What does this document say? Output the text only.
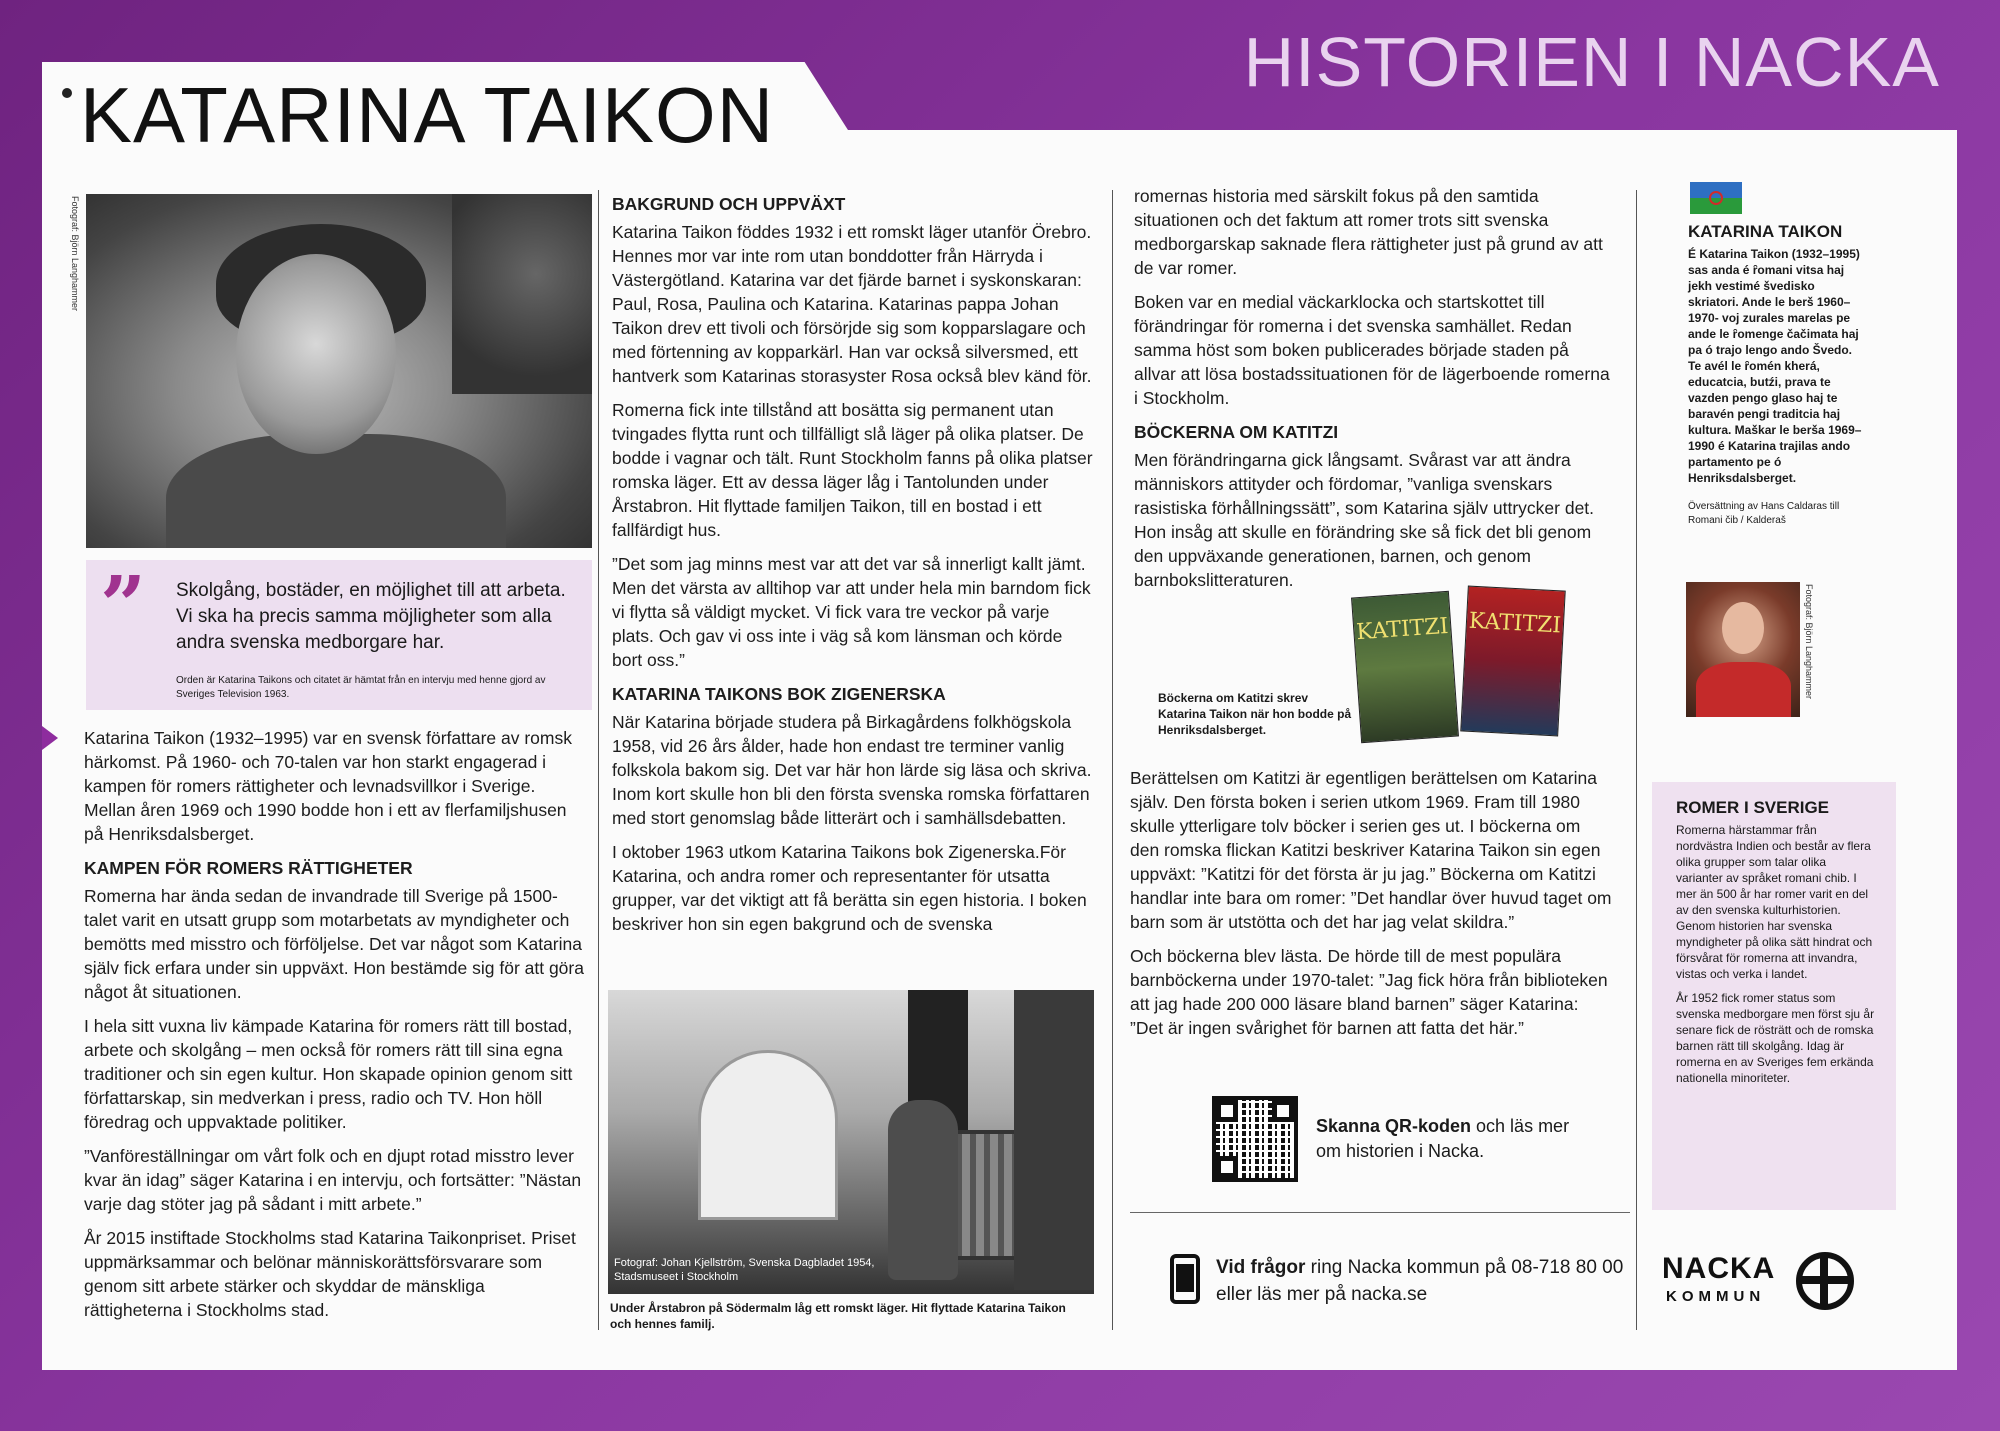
HISTORIEN I NACKA
KATARINA TAIKON
Fotograf: Björn Langhammer
” Skolgång, bostäder, en möjlighet till att arbeta. Vi ska ha precis samma möjligheter som alla andra svenska medborgare har.
Orden är Katarina Taikons och citatet är hämtat från en intervju med henne gjord av Sveriges Television 1963.

Katarina Taikon (1932–1995) var en svensk författare av romsk härkomst. På 1960- och 70-talen var hon starkt engagerad i kampen för romers rättigheter och levnadsvillkor i Sverige. Mellan åren 1969 och 1990 bodde hon i ett av flerfamiljshusen på Henriksdalsberget.

KAMPEN FÖR ROMERS RÄTTIGHETER

Romerna har ända sedan de invandrade till Sverige på 1500-talet varit en utsatt grupp som motarbetats av myndigheter och bemötts med misstro och förföljelse. Det var något som Katarina själv fick erfara under sin uppväxt. Hon bestämde sig för att göra något åt situationen.

I hela sitt vuxna liv kämpade Katarina för romers rätt till bostad, arbete och skolgång – men också för romers rätt till sina egna traditioner och sin egen kultur. Hon skapade opinion genom sitt författarskap, sin medverkan i press, radio och TV. Hon höll föredrag och uppvaktade politiker.

”Vanföreställningar om vårt folk och en djupt rotad misstro lever kvar än idag” säger Katarina i en intervju, och fortsätter: ”Nästan varje dag stöter jag på sådant i mitt arbete.”

År 2015 instiftade Stockholms stad Katarina Taikonpriset. Priset uppmärksammar och belönar människorättsförsvarare som genom sitt arbete stärker och skyddar de mänskliga rättigheterna i Stockholms stad.

BAKGRUND OCH UPPVÄXT

Katarina Taikon föddes 1932 i ett romskt läger utanför Örebro. Hennes mor var inte rom utan bonddotter från Härryda i Västergötland. Katarina var det fjärde barnet i syskonskaran: Paul, Rosa, Paulina och Katarina. Katarinas pappa Johan Taikon drev ett tivoli och försörjde sig som kopparslagare och med förtenning av kopparkärl. Han var också silversmed, ett hantverk som Katarinas storasyster Rosa också blev känd för.

Romerna fick inte tillstånd att bosätta sig permanent utan tvingades flytta runt och tillfälligt slå läger på olika platser. De bodde i vagnar och tält. Runt Stockholm fanns på olika platser romska läger. Ett av dessa läger låg i Tantolunden under Årstabron. Hit flyttade familjen Taikon, till en bostad i ett fallfärdigt hus.

”Det som jag minns mest var att det var så innerligt kallt jämt. Men det värsta av alltihop var att under hela min barndom fick vi flytta så väldigt mycket. Vi fick vara tre veckor på varje plats. Och gav vi oss inte i väg så kom länsman och körde bort oss.”

KATARINA TAIKONS BOK ZIGENERSKA

När Katarina började studera på Birkagårdens folkhögskola 1958, vid 26 års ålder, hade hon endast tre terminer vanlig folkskola bakom sig. Det var här hon lärde sig läsa och skriva. Inom kort skulle hon bli den första svenska romska författaren med stort genomslag både litterärt och i samhällsdebatten.

I oktober 1963 utkom Katarina Taikons bok Zigenerska.För Katarina, och andra romer och representanter för utsatta grupper, var det viktigt att få berätta sin egen historia. I boken beskriver hon sin egen bakgrund och de svenska

Fotograf: Johan Kjellström, Svenska Dagbladet 1954, Stadsmuseet i Stockholm
Under Årstabron på Södermalm låg ett romskt läger. Hit flyttade Katarina Taikon och hennes familj.

romernas historia med särskilt fokus på den samtida situationen och det faktum att romer trots sitt svenska medborgarskap saknade flera rättigheter just på grund av att de var romer.

Boken var en medial väckarklocka och startskottet till förändringar för romerna i det svenska samhället. Redan samma höst som boken publicerades började staden på allvar att lösa bostadssituationen för de lägerboende romerna i Stockholm.

BÖCKERNA OM KATITZI

Men förändringarna gick långsamt. Svårast var att ändra människors attityder och fördomar, ”vanliga svenskars rasistiska förhållningssätt”, som Katarina själv uttrycker det. Hon insåg att skulle en förändring ske så fick det bli genom den uppväxande generationen, barnen, och genom barnbokslitteraturen.

Böckerna om Katitzi skrev Katarina Taikon när hon bodde på Henriksdalsberget.
KATITZI KATITZI

Berättelsen om Katitzi är egentligen berättelsen om Katarina själv. Den första boken i serien utkom 1969. Fram till 1980 skulle ytterligare tolv böcker i serien ges ut. I böckerna om den romska flickan Katitzi beskriver Katarina Taikon sin egen uppväxt: ”Katitzi för det första är ju jag.” Böckerna om Katitzi handlar inte bara om romer: ”Det handlar över huvud taget om barn som är utstötta och det har jag velat skildra.”

Och böckerna blev lästa. De hörde till de mest populära barnböckerna under 1970-talet: ”Jag fick höra från biblioteken att jag hade 200 000 läsare bland barnen” säger Katarina: ”Det är ingen svårighet för barnen att fatta det här.”

Skanna QR-koden och läs mer om historien i Nacka.
Vid frågor ring Nacka kommun på 08-718 80 00 eller läs mer på nacka.se
KATARINA TAIKON
É Katarina Taikon (1932–1995) sas anda é ȓomani vitsa haj jekh vestimé švedisko skriatori. Ande le berš 1960–1970- voj zurales marelas pe ande le ȓomenge čačimata haj pa ó trajo lengo ando Švedo. Te avél le ȓomén kherá, educatcia, butźi, prava te vazden pengo glaso haj te baravén pengi traditcia haj kultura. Maškar le berša 1969–1990 é Katarina trajilas ando partamento pe ó Henriksdalsberget.
Översättning av Hans Caldaras till Romani čib / Kalderaš
Fotograf: Björn Langhammer
ROMER I SVERIGE
Romerna härstammar från nordvästra Indien och består av flera olika grupper som talar olika varianter av språket romani chib. I mer än 500 år har romer varit en del av den svenska kulturhistorien. Genom historien har svenska myndigheter på olika sätt hindrat och försvårat för romerna att invandra, vistas och verka i landet.
År 1952 fick romer status som svenska medborgare men först sju år senare fick de rösträtt och de romska barnen rätt till skolgång. Idag är romerna en av Sveriges fem erkända nationella minoriteter.
NACKA
KOMMUN
